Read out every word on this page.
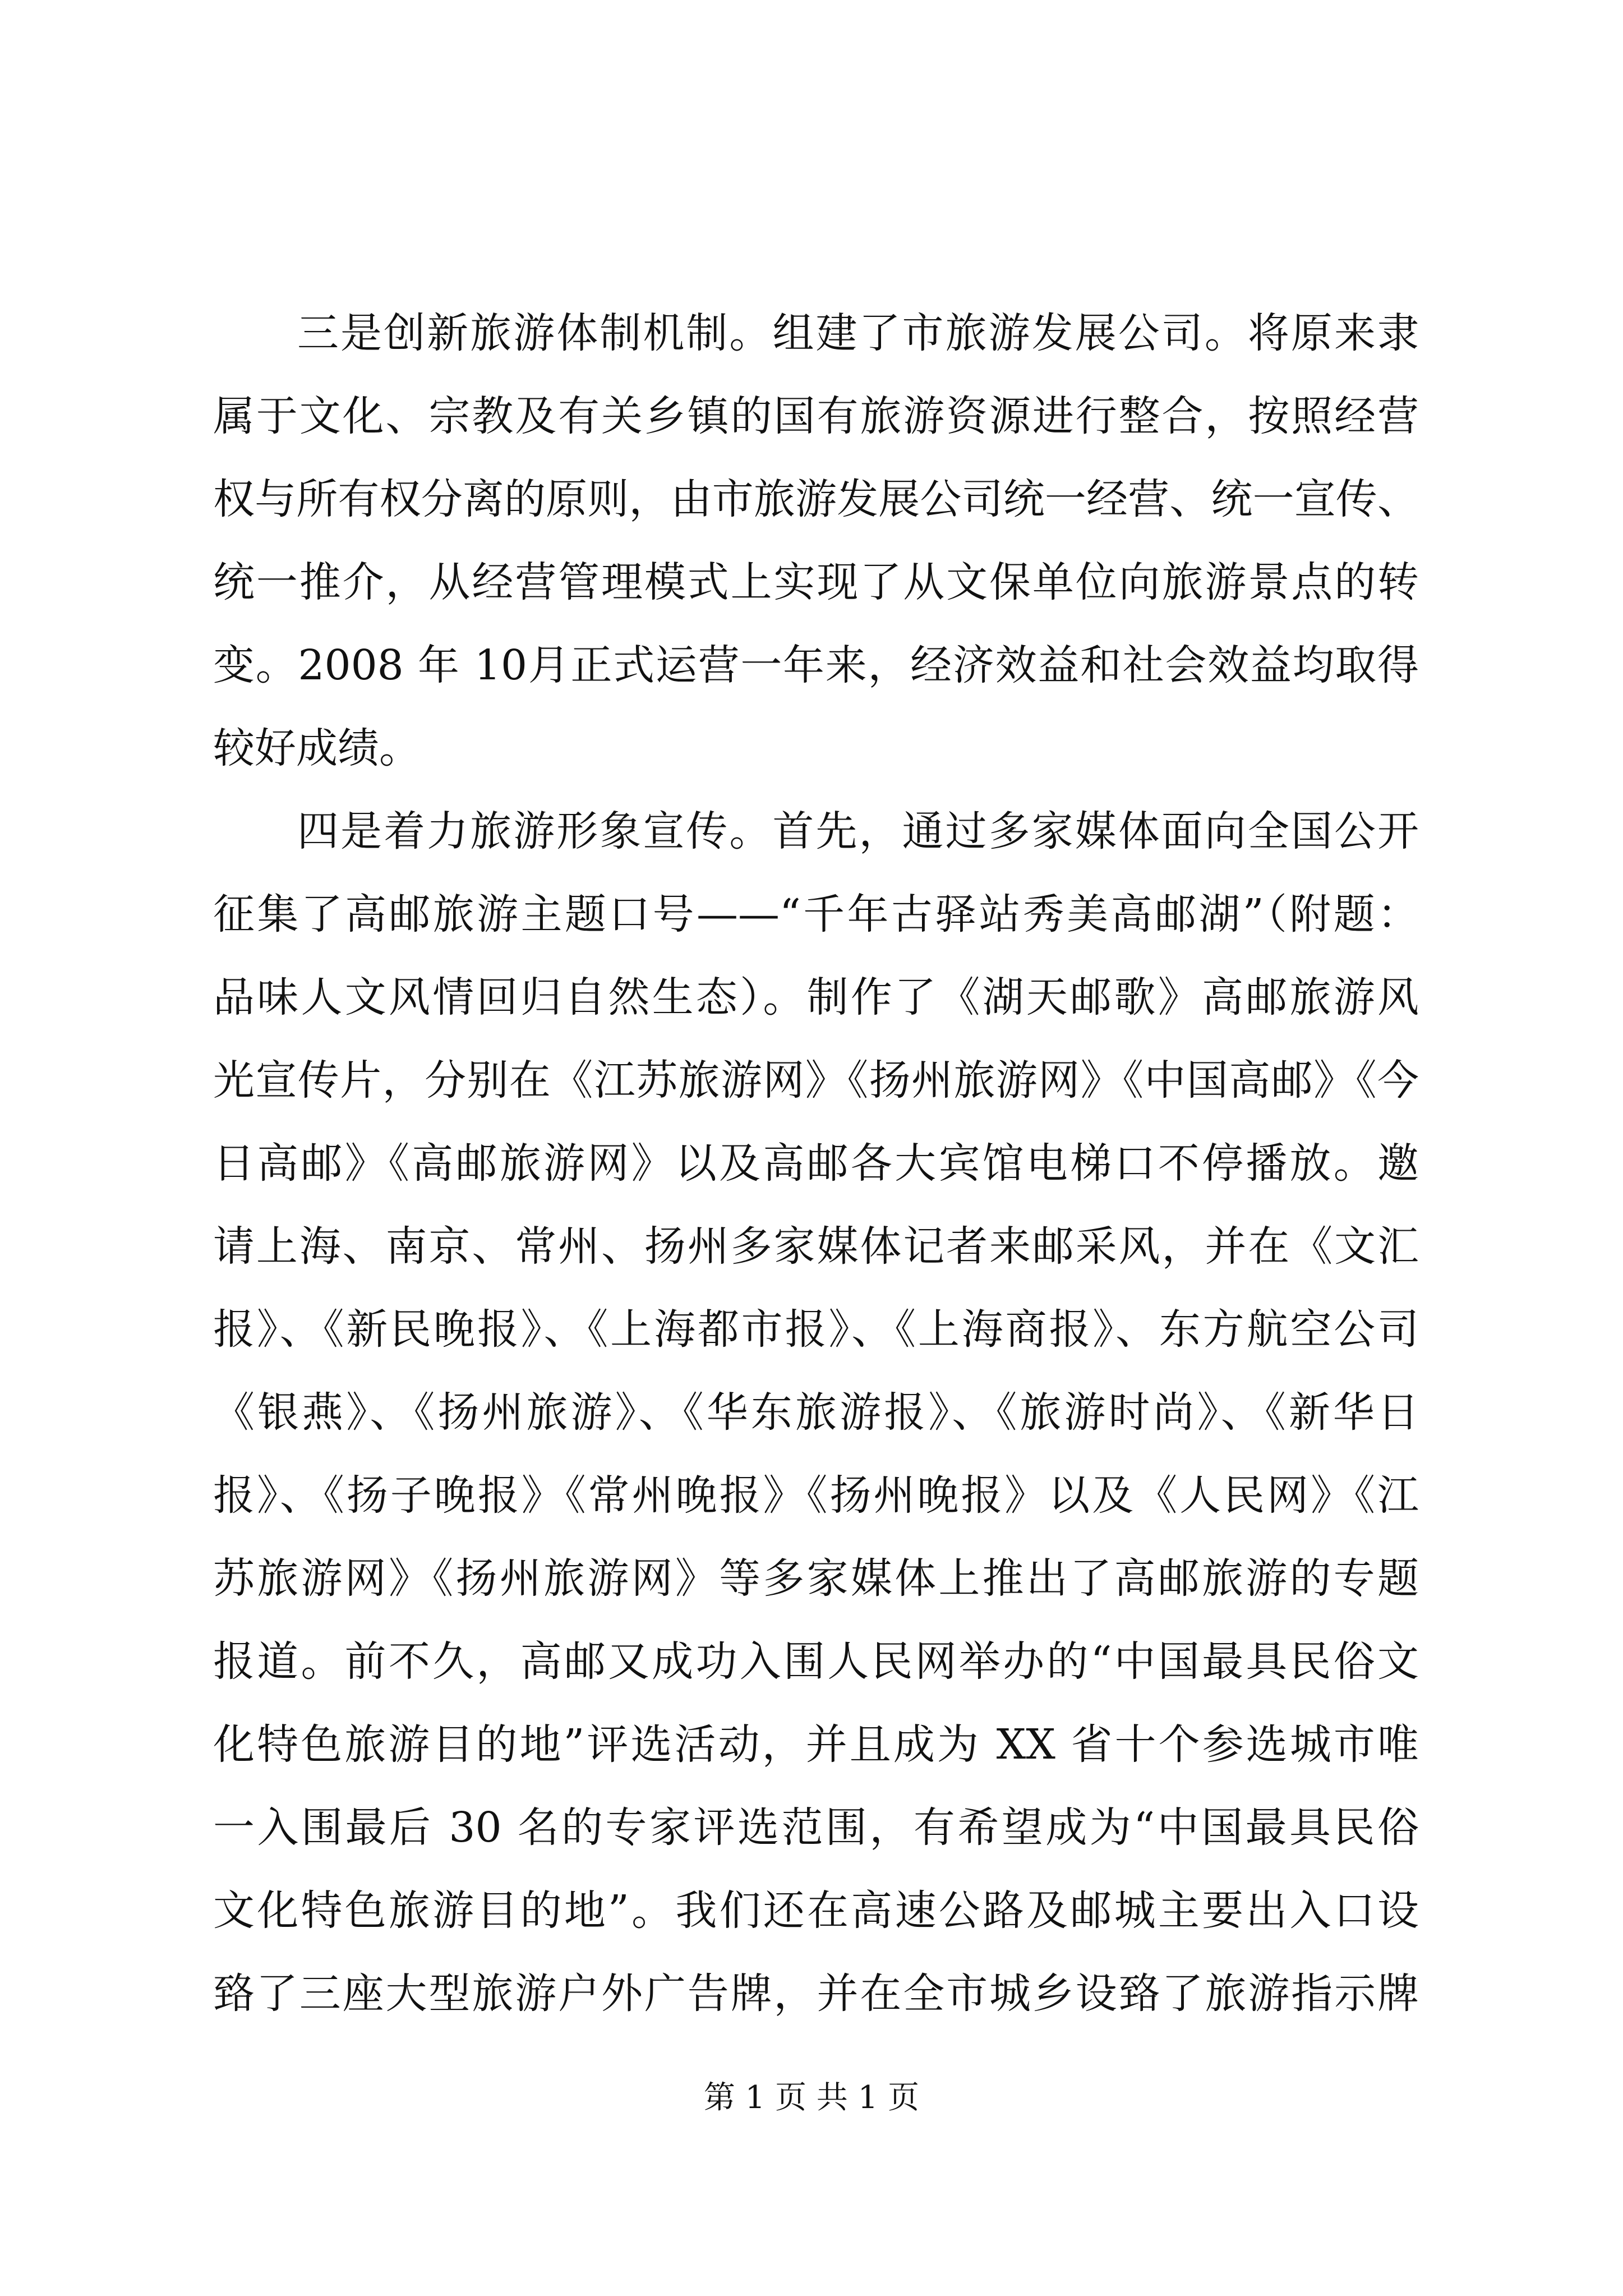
三是创新旅游体制机制。组建了市旅游发展公司。将原来隶
属于文化、宗教及有关乡镇的国有旅游资源进行整合，按照经营
权与所有权分离的原则，由市旅游发展公司统一经营、统一宣传、
统一推介，从经营管理模式上实现了从文保单位向旅游景点的转
变。2008 年 10月正式运营一年来，经济效益和社会效益均取得
较好成绩。
四是着力旅游形象宣传。首先，通过多家媒体面向全国公开
征集了高邮旅游主题口号——“千年古驿站秀美高邮湖”（附题：
品味人文风情回归自然生态）。制作了《湖天邮歌》高邮旅游风
光宣传片，分别在《江苏旅游网》《扬州旅游网》《中国高邮》《今
日高邮》《高邮旅游网》以及高邮各大宾馆电梯口不停播放。邀
请上海、南京、常州、扬州多家媒体记者来邮采风，并在《文汇
报》、《新民晚报》、《上海都市报》、《上海商报》、东方航空公司
《银燕》、《扬州旅游》、《华东旅游报》、《旅游时尚》、《新华日
报》、《扬子晚报》《常州晚报》《扬州晚报》以及《人民网》《江
苏旅游网》《扬州旅游网》等多家媒体上推出了高邮旅游的专题
报道。前不久，高邮又成功入围人民网举办的“中国最具民俗文
化特色旅游目的地”评选活动，并且成为 XX 省十个参选城市唯
一入围最后 30 名的专家评选范围，有希望成为“中国最具民俗
文化特色旅游目的地”。我们还在高速公路及邮城主要出入口设
臵了三座大型旅游户外广告牌，并在全市城乡设臵了旅游指示牌
第 1 页 共 1 页
